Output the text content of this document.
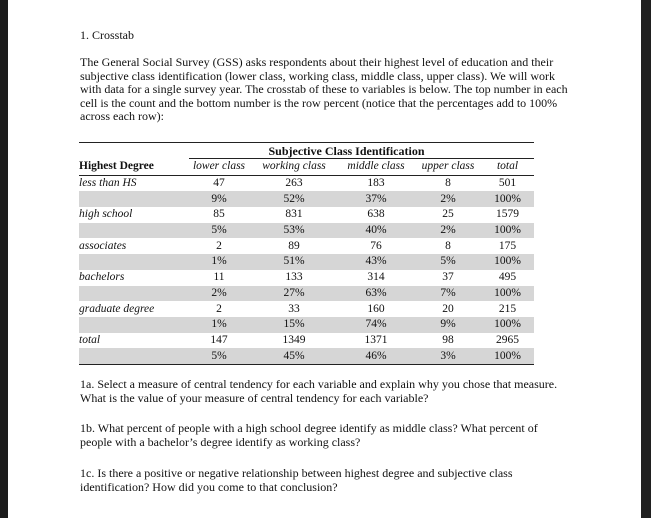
1. Crosstab
The General Social Survey (GSS) asks respondents about their highest level of education and their subjective class identification (lower class, working class, middle class, upper class). We will work with data for a single survey year. The crosstab of these to variables is below. The top number in each cell is the count and the bottom number is the row percent (notice that the percentages add to 100% across each row):
Subjective Class Identification
Highest Degree	lower class	working class	middle class	upper class	total
less than HS	47	263	183	8	501
	9%	52%	37%	2%	100%
high school	85	831	638	25	1579
	5%	53%	40%	2%	100%
associates	2	89	76	8	175
	1%	51%	43%	5%	100%
bachelors	11	133	314	37	495
	2%	27%	63%	7%	100%
graduate degree	2	33	160	20	215
	1%	15%	74%	9%	100%
total	147	1349	1371	98	2965
	5%	45%	46%	3%	100%
1a. Select a measure of central tendency for each variable and explain why you chose that measure. What is the value of your measure of central tendency for each variable?
1b. What percent of people with a high school degree identify as middle class? What percent of people with a bachelor’s degree identify as working class?
1c. Is there a positive or negative relationship between highest degree and subjective class identification? How did you come to that conclusion?
